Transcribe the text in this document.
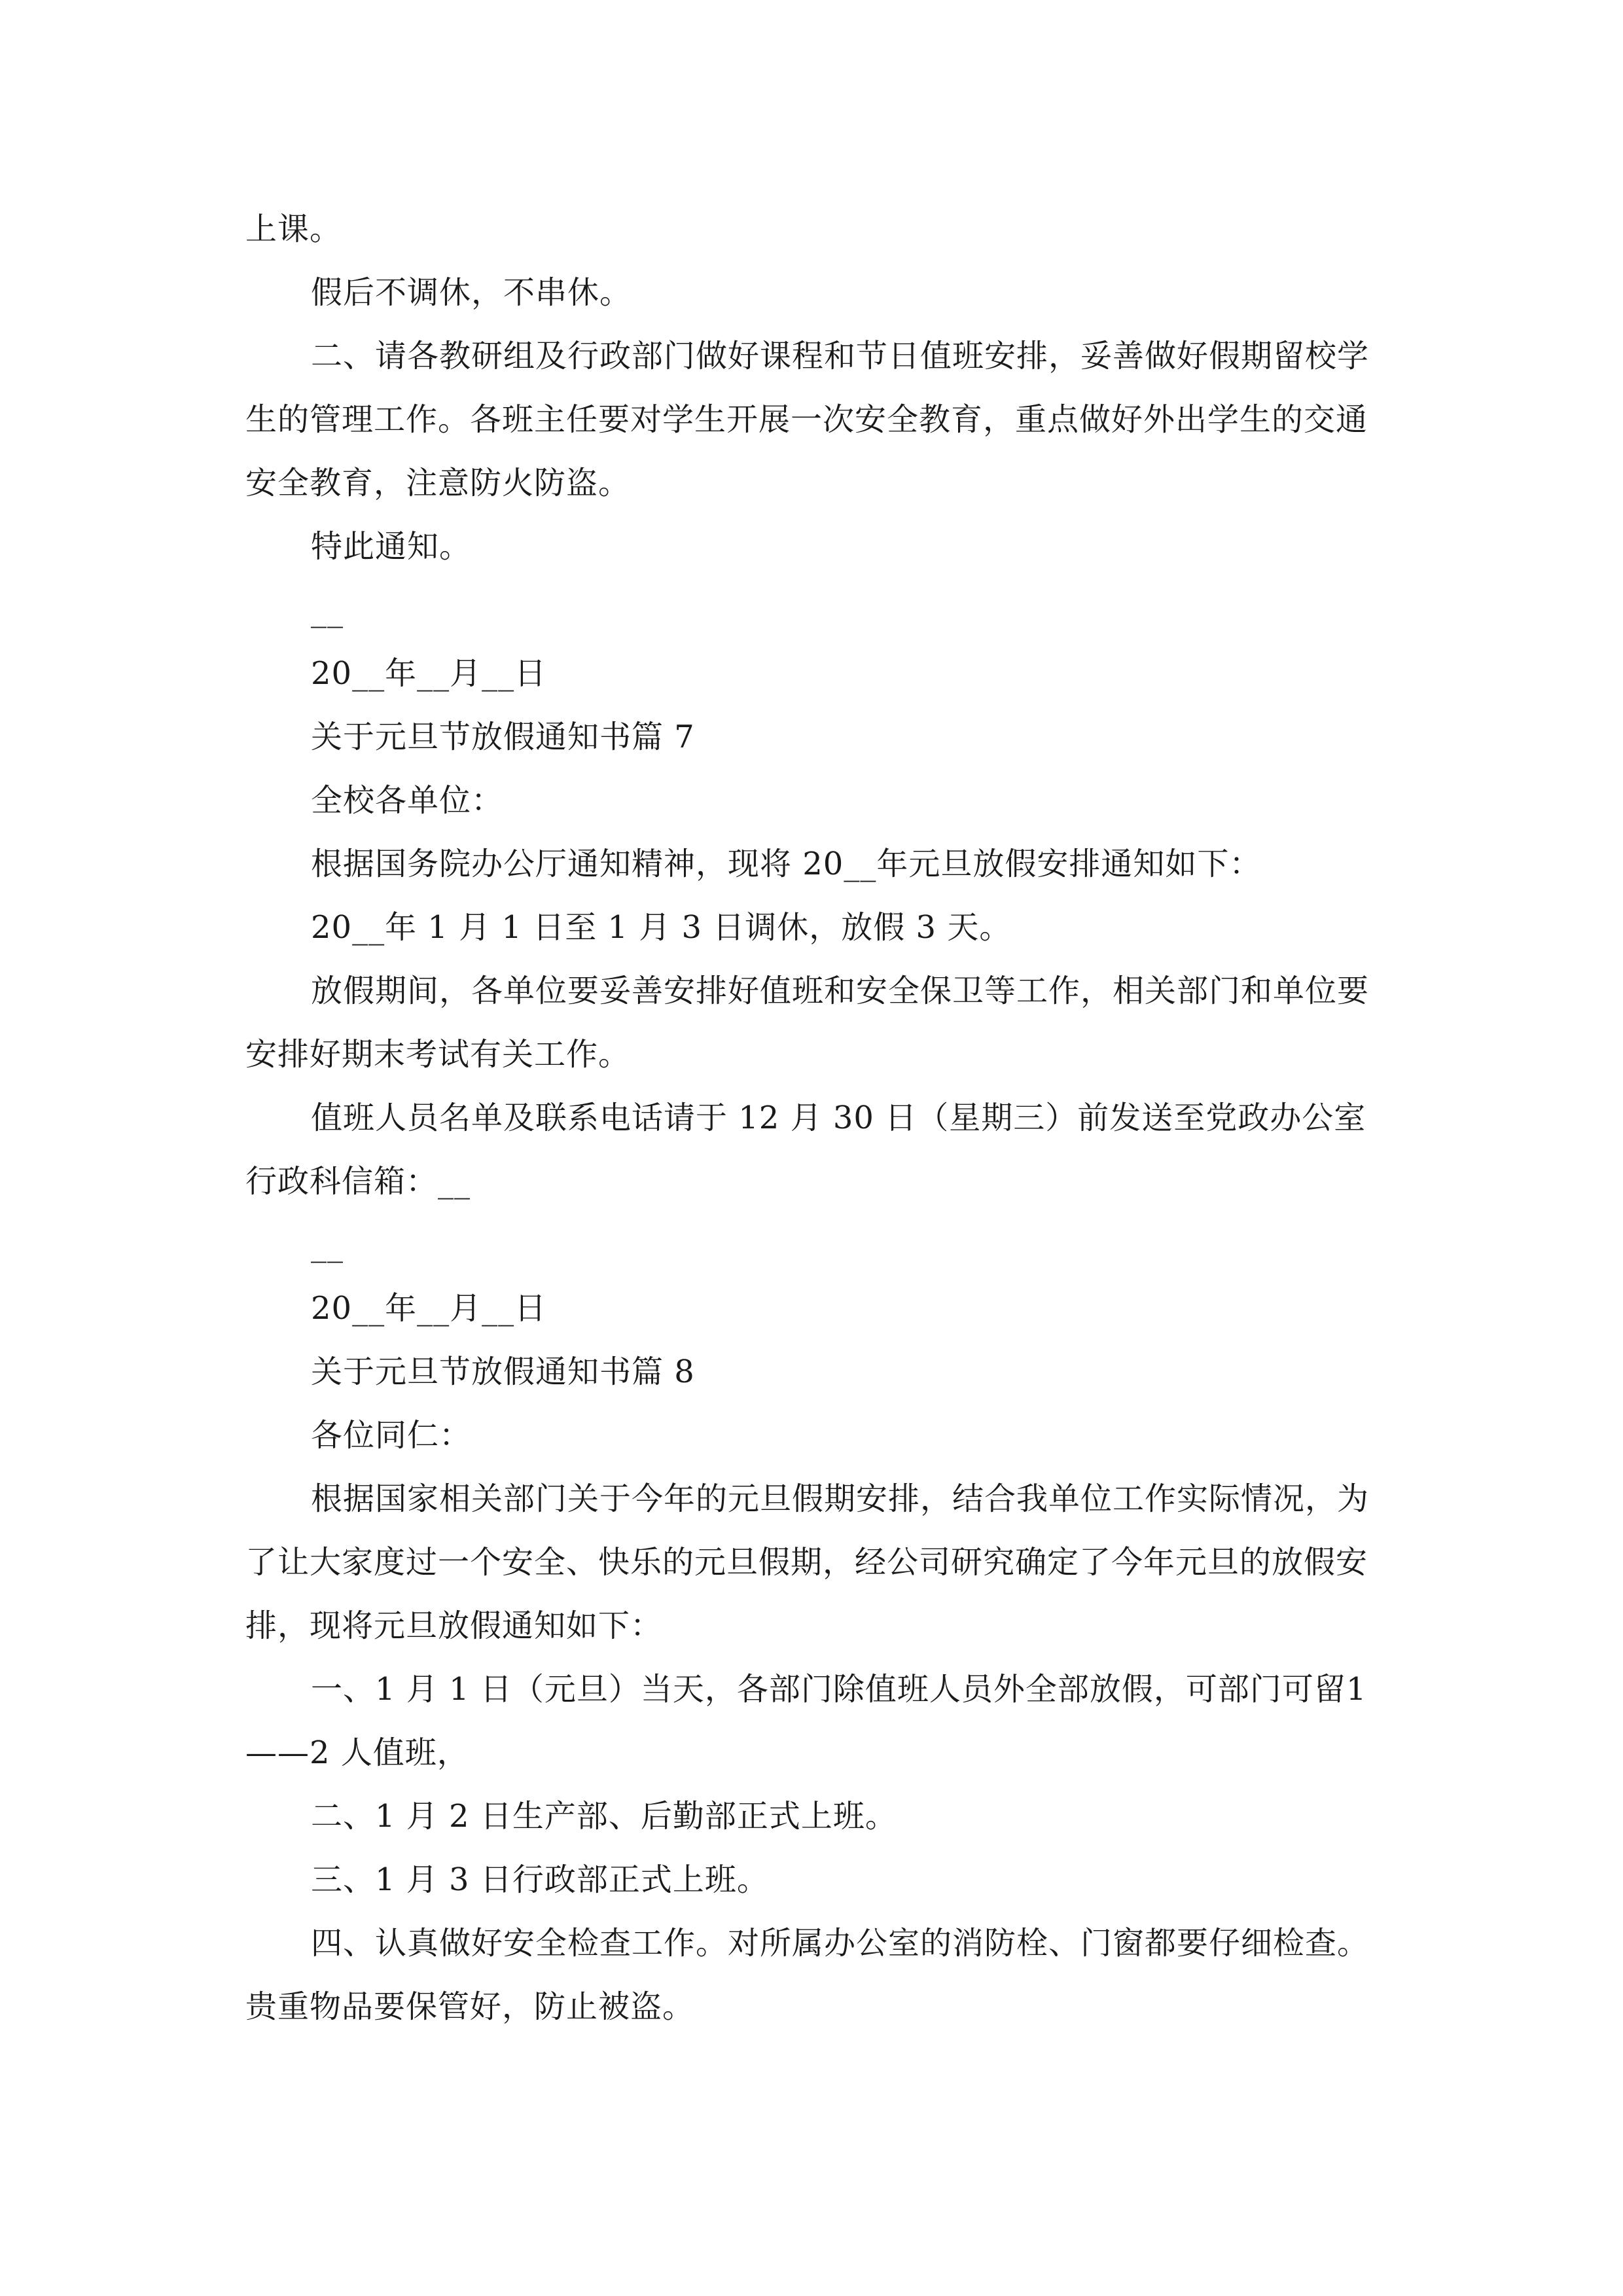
上课。

假后不调休，不串休。

二、请各教研组及行政部门做好课程和节日值班安排，妥善做好假期留校学生的管理工作。各班主任要对学生开展一次安全教育，重点做好外出学生的交通安全教育，注意防火防盗。

特此通知。

__

20__年__月__日

关于元旦节放假通知书篇 7

全校各单位：

根据国务院办公厅通知精神，现将 20__年元旦放假安排通知如下：

20__年 1 月 1 日至 1 月 3 日调休，放假 3 天。

放假期间，各单位要妥善安排好值班和安全保卫等工作，相关部门和单位要安排好期末考试有关工作。

值班人员名单及联系电话请于 12 月 30 日（星期三）前发送至党政办公室行政科信箱：__

__

20__年__月__日

关于元旦节放假通知书篇 8

各位同仁：

根据国家相关部门关于今年的元旦假期安排，结合我单位工作实际情况，为了让大家度过一个安全、快乐的元旦假期，经公司研究确定了今年元旦的放假安排，现将元旦放假通知如下：

一、1 月 1 日（元旦）当天，各部门除值班人员外全部放假，可部门可留1——2 人值班，

二、1 月 2 日生产部、后勤部正式上班。

三、1 月 3 日行政部正式上班。

四、认真做好安全检查工作。对所属办公室的消防栓、门窗都要仔细检查。贵重物品要保管好，防止被盗。
